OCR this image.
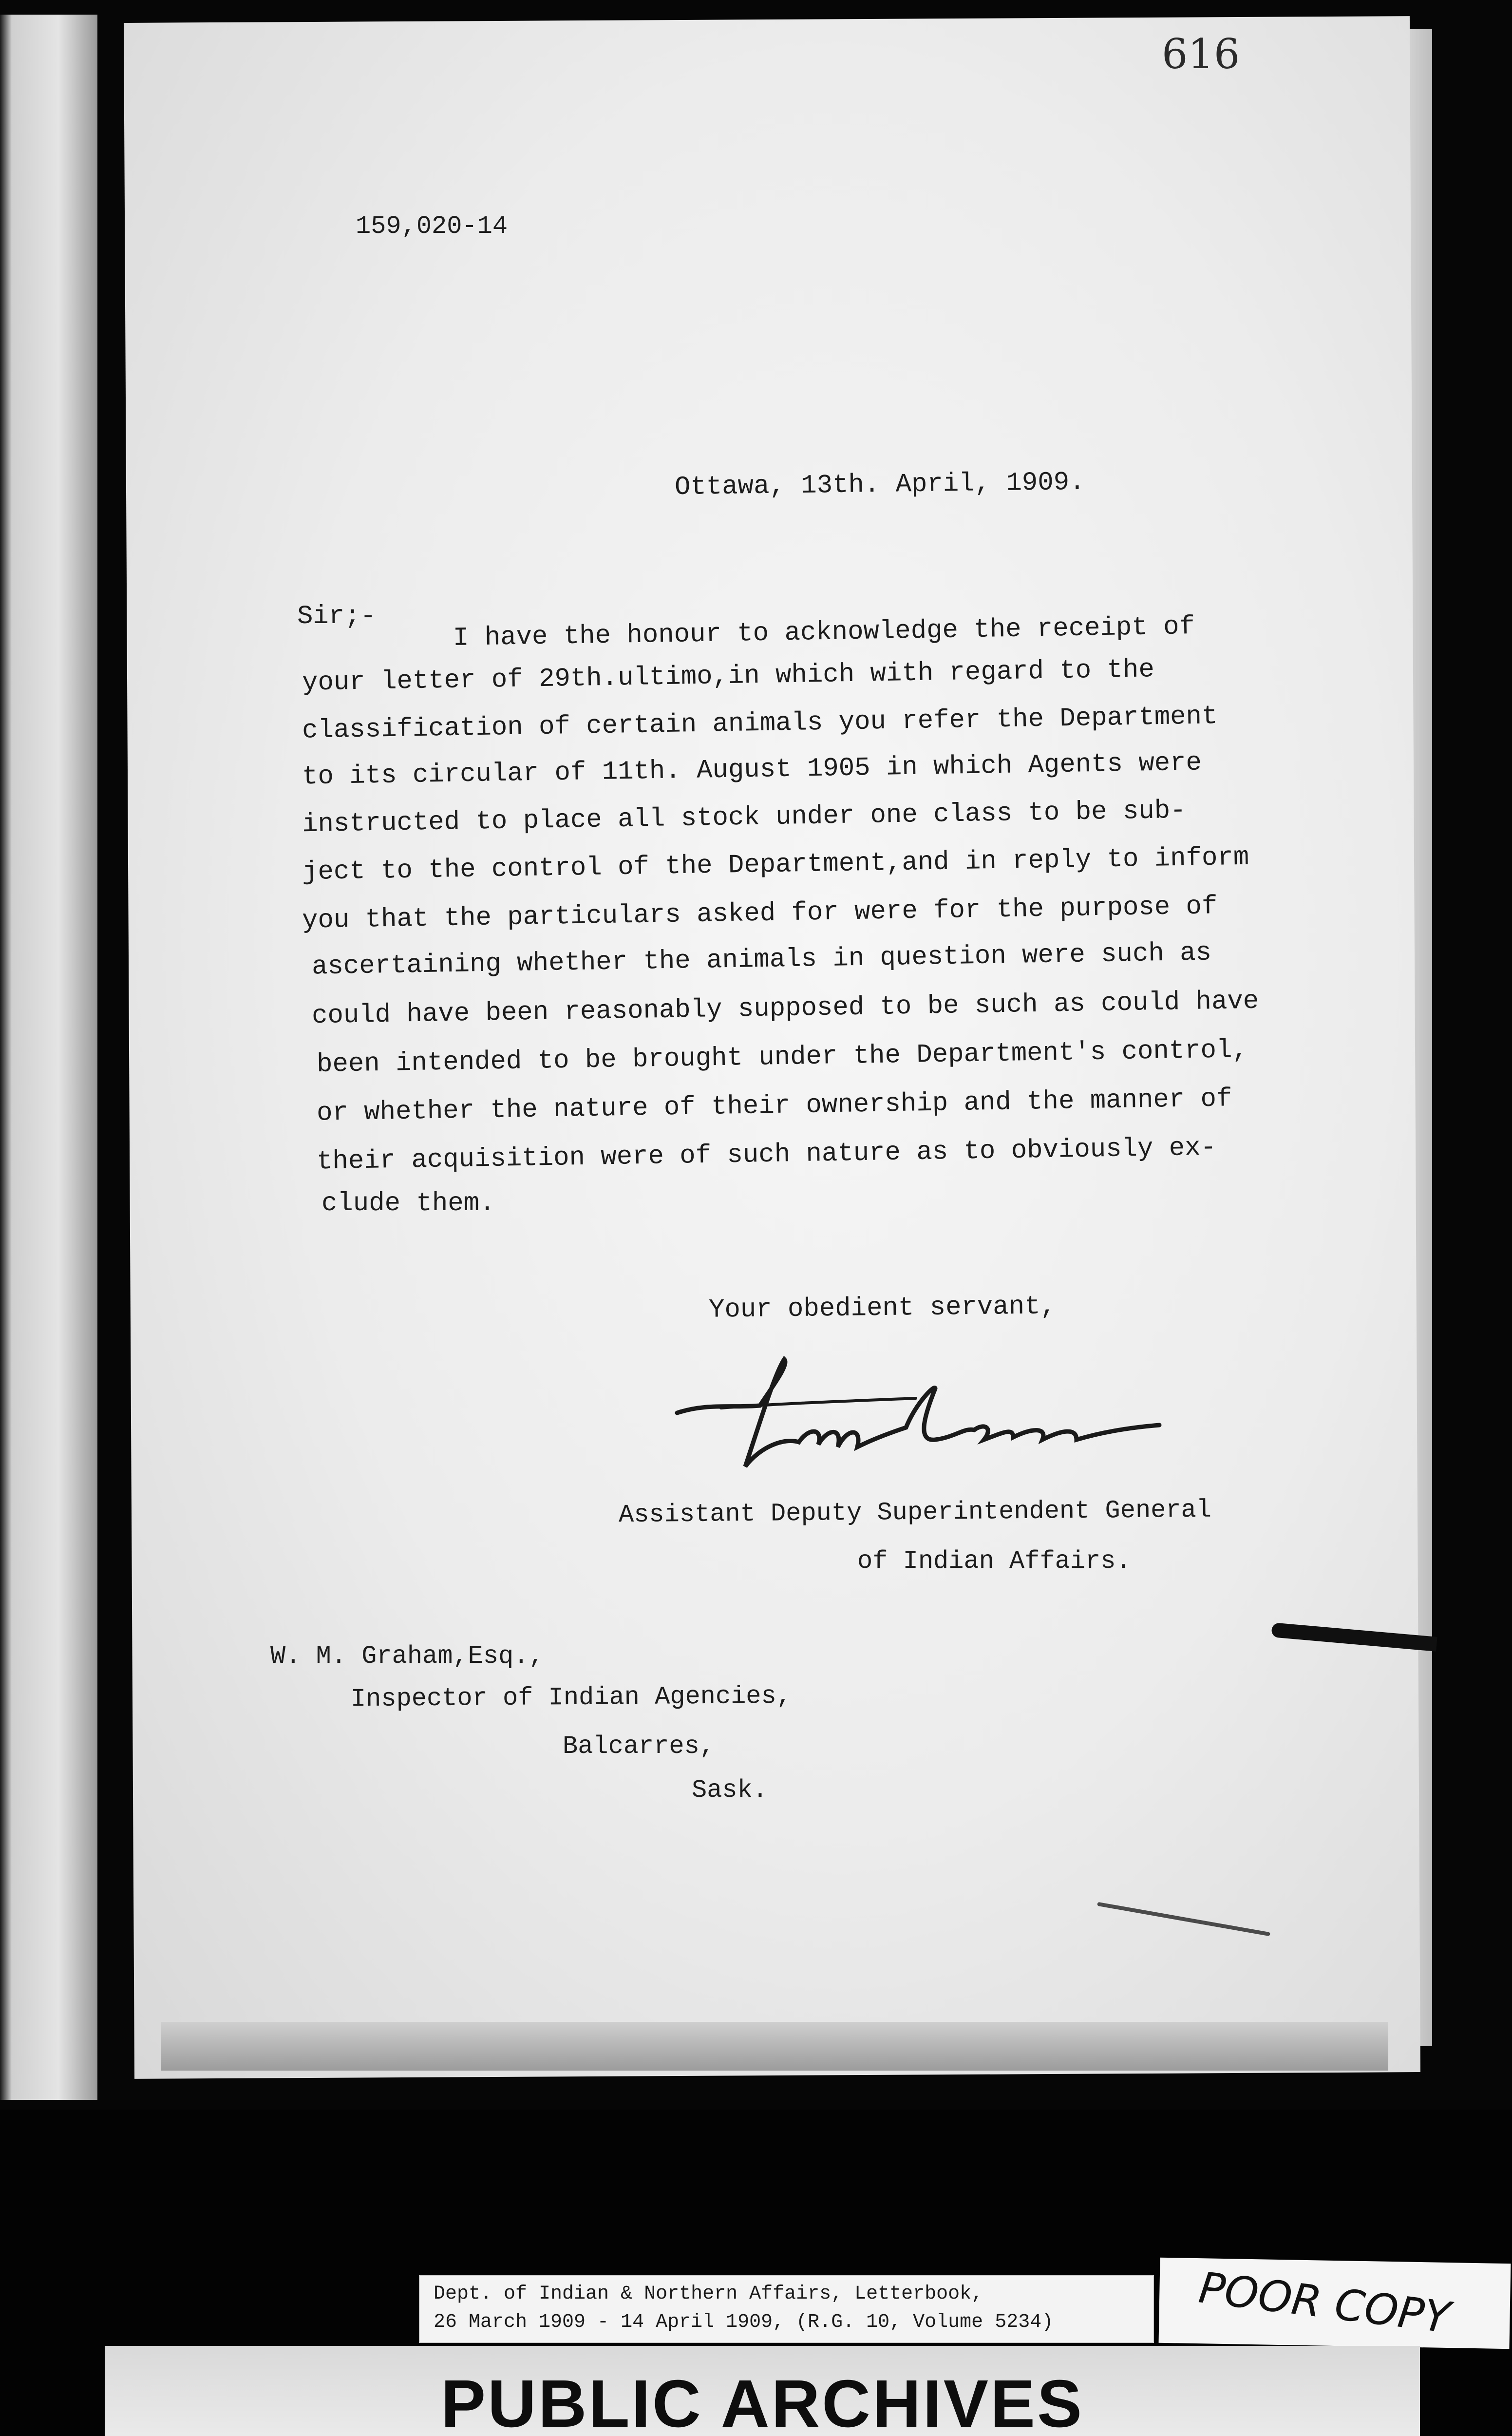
616

159,020-14

Ottawa, 13th. April, 1909.

Sir;-	I have the honour to acknowledge the receipt of

your letter of 29th.ultimo,in which with regard to the

classification of certain animals you refer the Department

to its circular of 11th. August 1905 in which Agents were

instructed to place all stock under one class to be sub-

ject to the control of the Department,and in reply to inform

you that the particulars asked for were for the purpose of

ascertaining whether the animals in question were such as

could have been reasonably supposed to be such as could have

been intended to be brought under the Department's control,

or whether the nature of their ownership and the manner of

their acquisition were of such nature as to obviously ex-

clude them.

Your obedient servant,

Assistant Deputy Superintendent General

of Indian Affairs.

W. M. Graham,Esq.,

Inspector of Indian Agencies,

Balcarres,

Sask.

Dept. of Indian & Northern Affairs, Letterbook,
26 March 1909 - 14 April 1909, (R.G. 10, Volume 5234)	POOR COPY
PUBLIC ARCHIVES
